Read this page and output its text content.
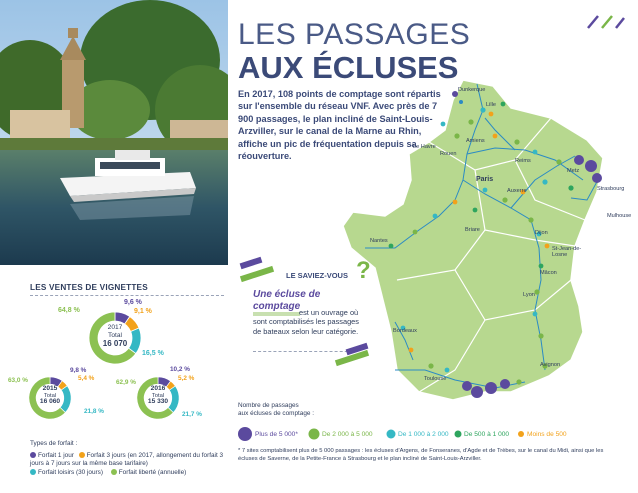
LES PASSAGES
AUX ÉCLUSES
En 2017, 108 points de comptage sont répartis sur l'ensemble du réseau VNF. Avec près de 7 900 passages, le plan incliné de Saint-Louis-Arzviller, sur le canal de la Marne au Rhin, affiche un pic de fréquentation depuis sa réouverture.
Dunkerque
Lille
Le Havre
Rouen
Amiens
Paris
Reims
Metz
Strasbourg
Mulhouse
Auxerre
Briare	Dijon
Nantes
St-Jean-de-Losne
Mâcon
Lyon
Bordeaux
Avignon
Toulouse
LE SAVIEZ-VOUS ?
Une écluse de
comptage
est un ouvrage où sont comptabilisés les passages de bateaux selon leur catégorie.
LES VENTES DE VIGNETTES
2017
Total
16 070
2015
Total
16 060
2016
Total
15 330
9,6 %
9,1 %
16,5 %
64,8 %
9,8 %
5,4 %
21,8 %
63,0 %
10,2 %
5,2 %
21,7 %
62,9 %
Types de forfait :
Forfait 1 jour Forfait 3 jours (en 2017, allongement du forfait 3 jours à 7 jours sur la même base tarifaire)
Forfait loisirs (30 jours) Forfait liberté (annuelle)
Nombre de passages
aux écluses de comptage :
Plus de 5 000*	De 2 000 à 5 000	De 1 000 à 2 000 De 500 à 1 000	Moins de 500
* 7 sites comptabilisent plus de 5 000 passages : les écluses d'Argens, de Fonseranes, d'Agde et de Trèbes, sur le canal du Midi, ainsi que les écluses de Saverne, de la Petite-France à Strasbourg et le plan incliné de Saint-Louis-Arzviller.
